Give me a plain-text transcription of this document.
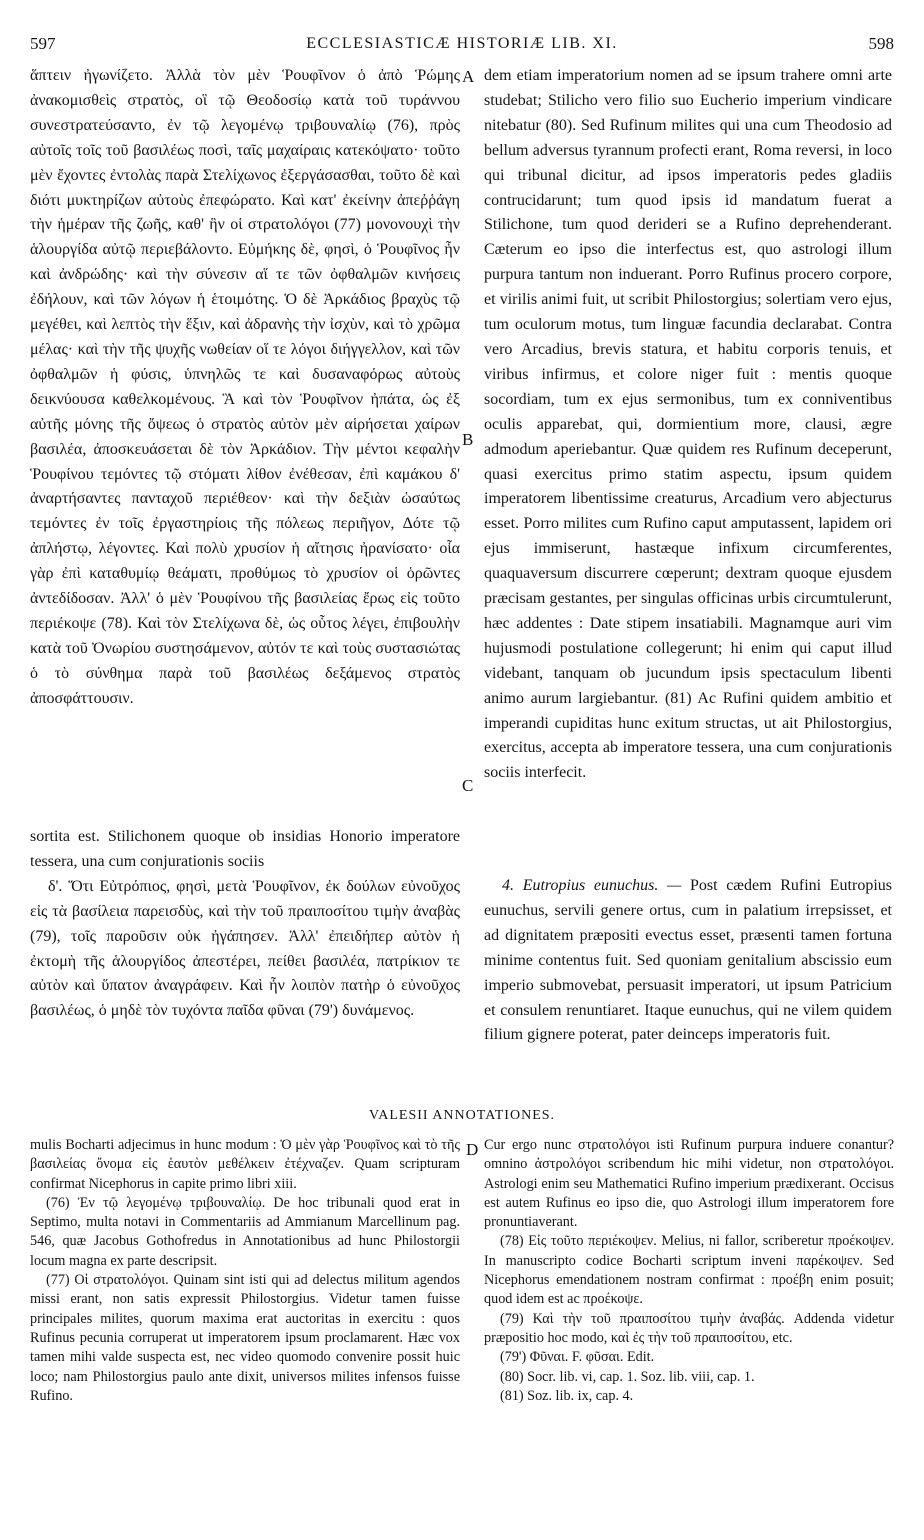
597	ECCLESIASTICÆ HISTORIÆ LIB. XI.	598

ἅπτειν ἠγωνίζετο. Ἀλλὰ τὸν μὲν Ῥουφῖνον ὁ ἀπὸ Ῥώμης ἀνακομισθεὶς στρατὸς, οἳ τῷ Θεοδοσίῳ κατὰ τοῦ τυράννου συνεστρατεύσαντο, ἐν τῷ λεγομένῳ τριβουναλίῳ (76), πρὸς αὐτοῖς τοῖς τοῦ βασιλέως ποσὶ, ταῖς μαχαίραις κατεκόψατο· τοῦτο μὲν ἔχοντες ἐντολὰς παρὰ Στελίχωνος ἐξεργάσασθαι, τοῦτο δὲ καὶ διότι μυκτηρίζων αὐτοὺς ἐπεφώρατο. Καὶ κατ' ἐκείνην ἀπεῤῥάγη τὴν ἡμέραν τῆς ζωῆς, καθ' ἣν οἱ στρατολόγοι (77) μονονουχὶ τὴν ἁλουργίδα αὐτῷ περιεβάλοντο. Εὐμήκης δὲ, φησὶ, ὁ Ῥουφῖνος ἦν καὶ ἀνδρώδης· καὶ τὴν σύνεσιν αἵ τε τῶν ὀφθαλμῶν κινήσεις ἐδήλουν, καὶ τῶν λόγων ἡ ἑτοιμότης. Ὁ δὲ Ἀρκάδιος βραχὺς τῷ μεγέθει, καὶ λεπτὸς τὴν ἕξιν, καὶ ἀδρανὴς τὴν ἰσχὺν, καὶ τὸ χρῶμα μέλας· καὶ τὴν τῆς ψυχῆς νωθείαν οἵ τε λόγοι διήγγελλον, καὶ τῶν ὀφθαλμῶν ἡ φύσις, ὑπνηλῶς τε καὶ δυσαναφόρως αὐτοὺς δεικνύουσα καθελκομένους. Ἃ καὶ τὸν Ῥουφῖνον ἠπάτα, ὡς ἐξ αὐτῆς μόνης τῆς ὄψεως ὁ στρατὸς αὐτὸν μὲν αἱρήσεται χαίρων βασιλέα, ἀποσκευάσεται δὲ τὸν Ἀρκάδιον. Τὴν μέντοι κεφαλὴν Ῥουφίνου τεμόντες τῷ στόματι λίθον ἐνέθεσαν, ἐπὶ καμάκου δ' ἀναρτήσαντες πανταχοῦ περιέθεον· καὶ τὴν δεξιὰν ὡσαύτως τεμόντες ἐν τοῖς ἐργαστηρίοις τῆς πόλεως περιῆγον, Δότε τῷ ἀπλήστῳ, λέγοντες. Καὶ πολὺ χρυσίον ἡ αἴτησις ἠρανίσατο· οἷα γὰρ ἐπὶ καταθυμίῳ θεάματι, προθύμως τὸ χρυσίον οἱ ὁρῶντες ἀντεδίδοσαν. Ἀλλ' ὁ μὲν Ῥουφίνου τῆς βασιλείας ἔρως εἰς τοῦτο περιέκοψε (78). Καὶ τὸν Στελίχωνα δὲ, ὡς οὗτος λέγει, ἐπιβουλὴν κατὰ τοῦ Ὀνωρίου συστησάμενον, αὐτόν τε καὶ τοὺς συστασιώτας ὁ τὸ σύνθημα παρὰ τοῦ βασιλέως δεξάμενος στρατὸς ἀποσφάττουσιν.

dem etiam imperatorium nomen ad se ipsum trahere omni arte studebat; Stilicho vero filio suo Eucherio imperium vindicare nitebatur (80). Sed Rufinum milites qui una cum Theodosio ad bellum adversus tyrannum profecti erant, Roma reversi, in loco qui tribunal dicitur, ad ipsos imperatoris pedes gladiis contrucidarunt; tum quod ipsis id mandatum fuerat a Stilichone, tum quod derideri se a Rufino deprehenderant. Cæterum eo ipso die interfectus est, quo astrologi illum purpura tantum non induerant. Porro Rufinus procero corpore, et virilis animi fuit, ut scribit Philostorgius; solertiam vero ejus, tum oculorum motus, tum linguæ facundia declarabat. Contra vero Arcadius, brevis statura, et habitu corporis tenuis, et viribus infirmus, et colore niger fuit : mentis quoque socordiam, tum ex ejus sermonibus, tum ex conniventibus oculis apparebat, qui, dormientium more, clausi, ægre admodum aperiebantur. Quæ quidem res Rufinum deceperunt, quasi exercitus primo statim aspectu, ipsum quidem imperatorem libentissime creaturus, Arcadium vero abjecturus esset. Porro milites cum Rufino caput amputassent, lapidem ori ejus immiserunt, hastæque infixum circumferentes, quaquaversum discurrere cœperunt; dextram quoque ejusdem præcisam gestantes, per singulas officinas urbis circumtulerunt, hæc addentes : Date stipem insatiabili. Magnamque auri vim hujusmodi postulatione collegerunt; hi enim qui caput illud videbant, tanquam ob jucundum ipsis spectaculum libenti animo aurum largiebantur. (81) Ac Rufini quidem ambitio et imperandi cupiditas hunc exitum structas, ut ait Philostorgius, exercitus, accepta ab imperatore tessera, una cum conjurationis sociis interfecit.

sortita est. Stilichonem quoque ob insidias Honorio imperatore tessera, una cum conjurationis sociis

δ'. Ὅτι Εὐτρόπιος, φησὶ, μετὰ Ῥουφῖνον, ἐκ δούλων εὐνοῦχος εἰς τὰ βασίλεια παρεισδὺς, καὶ τὴν τοῦ πραιποσίτου τιμὴν ἀναβὰς (79), τοῖς παροῦσιν οὐκ ἠγάπησεν. Ἀλλ' ἐπειδήπερ αὐτὸν ἡ ἐκτομὴ τῆς ἁλουργίδος ἀπεστέρει, πείθει βασιλέα, πατρίκιον τε αὐτὸν καὶ ὕπατον ἀναγράφειν. Καὶ ἦν λοιπὸν πατὴρ ὁ εὐνοῦχος βασιλέως, ὁ μηδὲ τὸν τυχόντα παῖδα φῦναι (79') δυνάμενος.

4. Eutropius eunuchus. — Post cædem Rufini Eutropius eunuchus, servili genere ortus, cum in palatium irrepsisset, et ad dignitatem præpositi evectus esset, præsenti tamen fortuna minime contentus fuit. Sed quoniam genitalium abscissio eum imperio submovebat, persuasit imperatori, ut ipsum Patricium et consulem renuntiaret. Itaque eunuchus, qui ne vilem quidem filium gignere poterat, pater deinceps imperatoris fuit.

A
B
C
D
VALESII ANNOTATIONES.

mulis Bocharti adjecimus in hunc modum : Ὁ μὲν γὰρ Ῥουφῖνος καὶ τὸ τῆς βασιλείας ὄνομα εἰς ἑαυτὸν μεθέλκειν ἐτέχναζεν. Quam scripturam confirmat Nicephorus in capite primo libri xiii.

(76) Ἐν τῷ λεγομένῳ τριβουναλίῳ. De hoc tribunali quod erat in Septimo, multa notavi in Commentariis ad Ammianum Marcellinum pag. 546, quæ Jacobus Gothofredus in Annotationibus ad hunc Philostorgii locum magna ex parte descripsit.

(77) Οἱ στρατολόγοι. Quinam sint isti qui ad delectus militum agendos missi erant, non satis expressit Philostorgius. Videtur tamen fuisse principales milites, quorum maxima erat auctoritas in exercitu : quos Rufinus pecunia corruperat ut imperatorem ipsum proclamarent. Hæc vox tamen mihi valde suspecta est, nec video quomodo convenire possit huic loco; nam Philostorgius paulo ante dixit, universos milites infensos fuisse Rufino.

Cur ergo nunc στρατολόγοι isti Rufinum purpura induere conantur? omnino ἀστρολόγοι scribendum hic mihi videtur, non στρατολόγοι. Astrologi enim seu Mathematici Rufino imperium prædixerant. Occisus est autem Rufinus eo ipso die, quo Astrologi illum imperatorem fore pronuntiaverant.

(78) Εἰς τοῦτο περιέκοψεν. Melius, ni fallor, scriberetur προέκοψεν. In manuscripto codice Bocharti scriptum inveni παρέκοψεν. Sed Nicephorus emendationem nostram confirmat : προέβη enim posuit; quod idem est ac προέκοψε.

(79) Καὶ τὴν τοῦ πραιποσίτου τιμὴν ἀναβάς. Addenda videtur præpositio hoc modo, καὶ ἐς τὴν τοῦ πραιποσίτου, etc.

(79') Φῦναι. F. φῦσαι. Edit.

(80) Socr. lib. vi, cap. 1. Soz. lib. viii, cap. 1.

(81) Soz. lib. ix, cap. 4.
